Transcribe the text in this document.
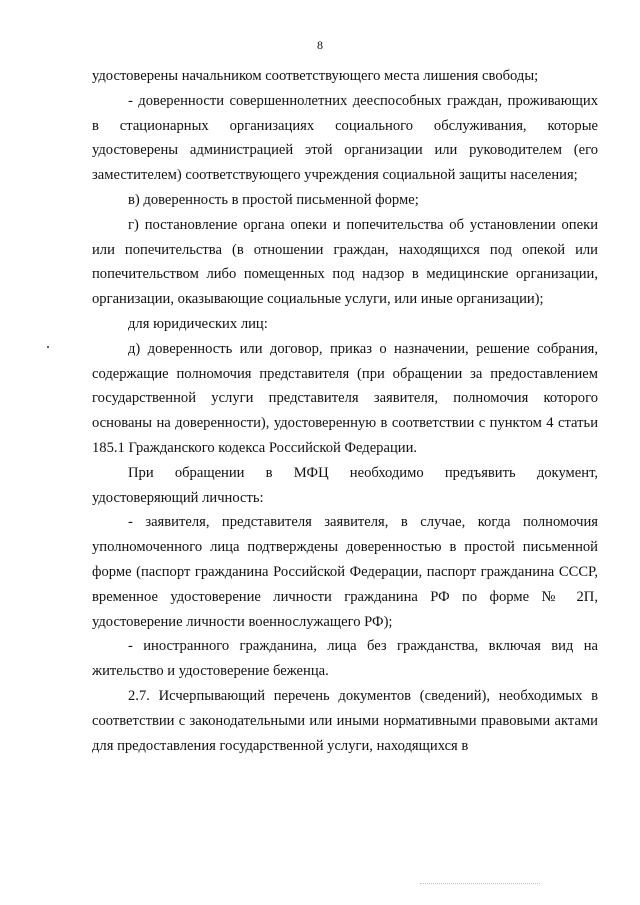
8

удостоверены начальником соответствующего места лишения свободы;

- доверенности совершеннолетних дееспособных граждан, проживающих в стационарных организациях социального обслуживания, которые удостоверены администрацией этой организации или руководителем (его заместителем) соответствующего учреждения социальной защиты населения;

в) доверенность в простой письменной форме;

г) постановление органа опеки и попечительства об установлении опеки или попечительства (в отношении граждан, находящихся под опекой или попечительством либо помещенных под надзор в медицинские организации, организации, оказывающие социальные услуги, или иные организации);

для юридических лиц:

д) доверенность или договор, приказ о назначении, решение собрания, содержащие полномочия представителя (при обращении за предоставлением государственной услуги представителя заявителя, полномочия которого основаны на доверенности), удостоверенную в соответствии с пунктом 4 статьи 185.1 Гражданского кодекса Российской Федерации.

При обращении в МФЦ необходимо предъявить документ, удостоверяющий личность:

- заявителя, представителя заявителя, в случае, когда полномочия уполномоченного лица подтверждены доверенностью в простой письменной форме (паспорт гражданина Российской Федерации, паспорт гражданина СССР, временное удостоверение личности гражданина РФ по форме № 2П, удостоверение личности военнослужащего РФ);

- иностранного гражданина, лица без гражданства, включая вид на жительство и удостоверение беженца.

2.7. Исчерпывающий перечень документов (сведений), необходимых в соответствии с законодательными или иными нормативными правовыми актами для предоставления государственной услуги, находящихся в
